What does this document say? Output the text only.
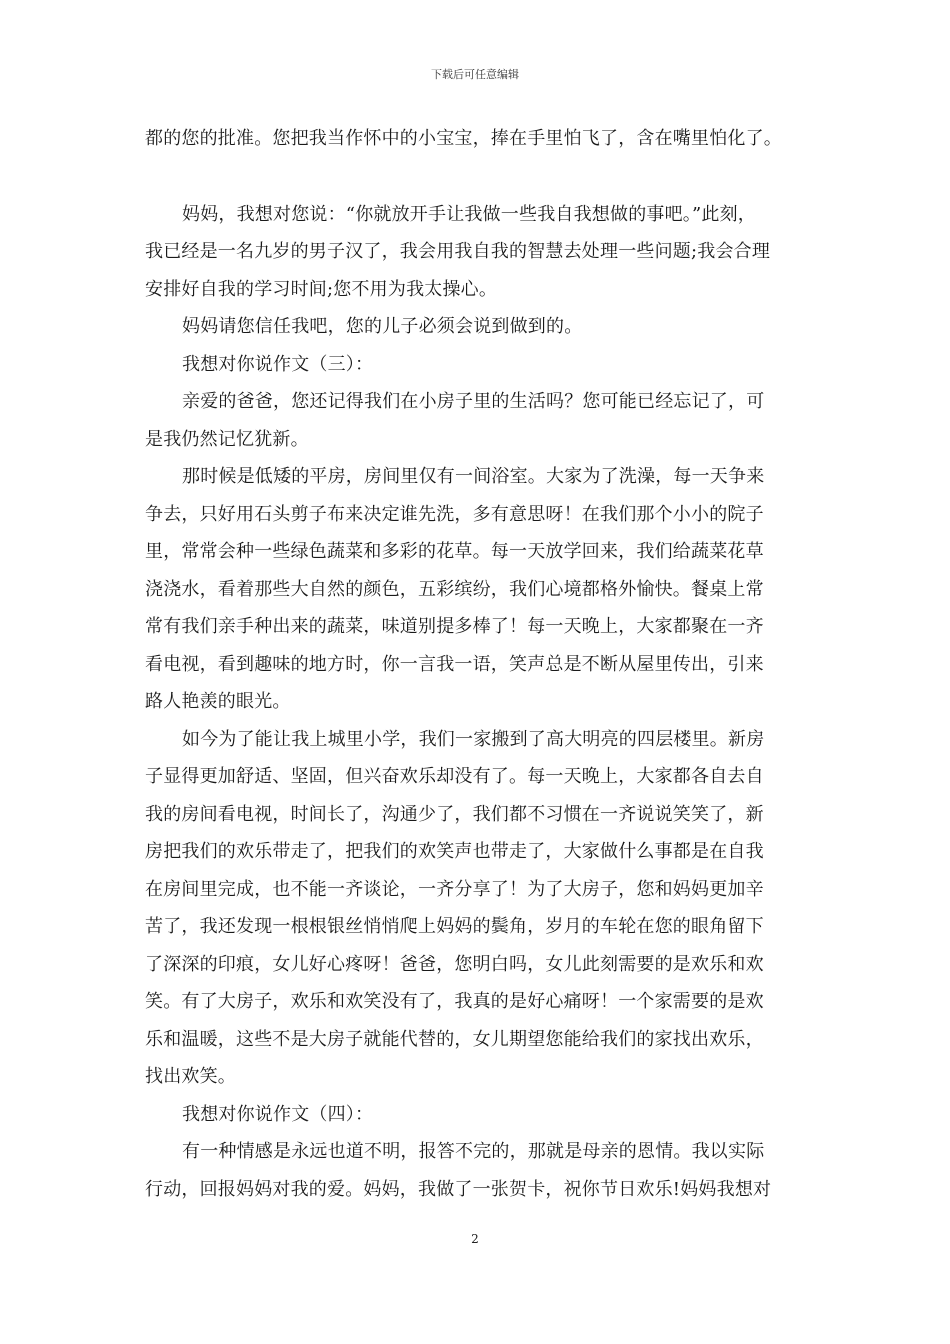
下载后可任意编辑
都的您的批准。您把我当作怀中的小宝宝，捧在手里怕飞了，含在嘴里怕化了。
妈妈，我想对您说：“你就放开手让我做一些我自我想做的事吧。”此刻，
我已经是一名九岁的男子汉了，我会用我自我的智慧去处理一些问题;我会合理
安排好自我的学习时间;您不用为我太操心。
妈妈请您信任我吧，您的儿子必须会说到做到的。
我想对你说作文（三）：
亲爱的爸爸，您还记得我们在小房子里的生活吗？您可能已经忘记了，可
是我仍然记忆犹新。
那时候是低矮的平房，房间里仅有一间浴室。大家为了洗澡，每一天争来
争去，只好用石头剪子布来决定谁先洗，多有意思呀！在我们那个小小的院子
里，常常会种一些绿色蔬菜和多彩的花草。每一天放学回来，我们给蔬菜花草
浇浇水，看着那些大自然的颜色，五彩缤纷，我们心境都格外愉快。餐桌上常
常有我们亲手种出来的蔬菜，味道别提多棒了！每一天晚上，大家都聚在一齐
看电视，看到趣味的地方时，你一言我一语，笑声总是不断从屋里传出，引来
路人艳羡的眼光。
如今为了能让我上城里小学，我们一家搬到了高大明亮的四层楼里。新房
子显得更加舒适、坚固，但兴奋欢乐却没有了。每一天晚上，大家都各自去自
我的房间看电视，时间长了，沟通少了，我们都不习惯在一齐说说笑笑了，新
房把我们的欢乐带走了，把我们的欢笑声也带走了，大家做什么事都是在自我
在房间里完成，也不能一齐谈论，一齐分享了！为了大房子，您和妈妈更加辛
苦了，我还发现一根根银丝悄悄爬上妈妈的鬓角，岁月的车轮在您的眼角留下
了深深的印痕，女儿好心疼呀！爸爸，您明白吗，女儿此刻需要的是欢乐和欢
笑。有了大房子，欢乐和欢笑没有了，我真的是好心痛呀！一个家需要的是欢
乐和温暖，这些不是大房子就能代替的，女儿期望您能给我们的家找出欢乐，
找出欢笑。
我想对你说作文（四）：
有一种情感是永远也道不明，报答不完的，那就是母亲的恩情。我以实际
行动，回报妈妈对我的爱。妈妈，我做了一张贺卡，祝你节日欢乐!妈妈我想对
2
